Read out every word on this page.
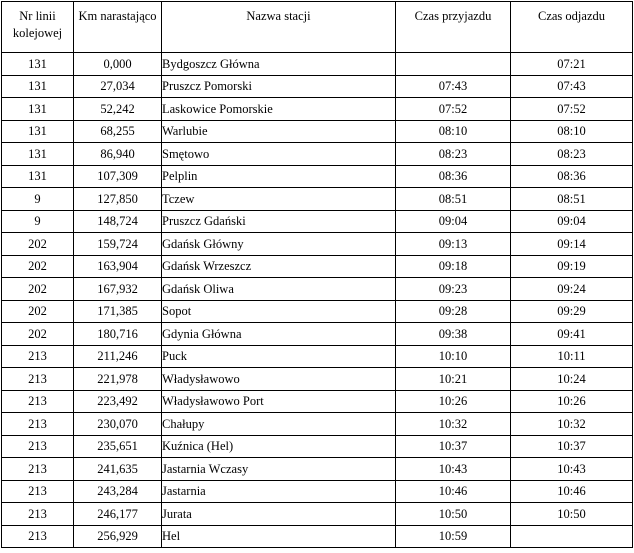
Nr linii kolejowej	Km narastająco	Nazwa stacji	Czas przyjazdu	Czas odjazdu
131	0,000	Bydgoszcz Główna		07:21
131	27,034	Pruszcz Pomorski	07:43	07:43
131	52,242	Laskowice Pomorskie	07:52	07:52
131	68,255	Warlubie	08:10	08:10
131	86,940	Smętowo	08:23	08:23
131	107,309	Pelplin	08:36	08:36
9	127,850	Tczew	08:51	08:51
9	148,724	Pruszcz Gdański	09:04	09:04
202	159,724	Gdańsk Główny	09:13	09:14
202	163,904	Gdańsk Wrzeszcz	09:18	09:19
202	167,932	Gdańsk Oliwa	09:23	09:24
202	171,385	Sopot	09:28	09:29
202	180,716	Gdynia Główna	09:38	09:41
213	211,246	Puck	10:10	10:11
213	221,978	Władysławowo	10:21	10:24
213	223,492	Władysławowo Port	10:26	10:26
213	230,070	Chałupy	10:32	10:32
213	235,651	Kuźnica (Hel)	10:37	10:37
213	241,635	Jastarnia Wczasy	10:43	10:43
213	243,284	Jastarnia	10:46	10:46
213	246,177	Jurata	10:50	10:50
213	256,929	Hel	10:59	
